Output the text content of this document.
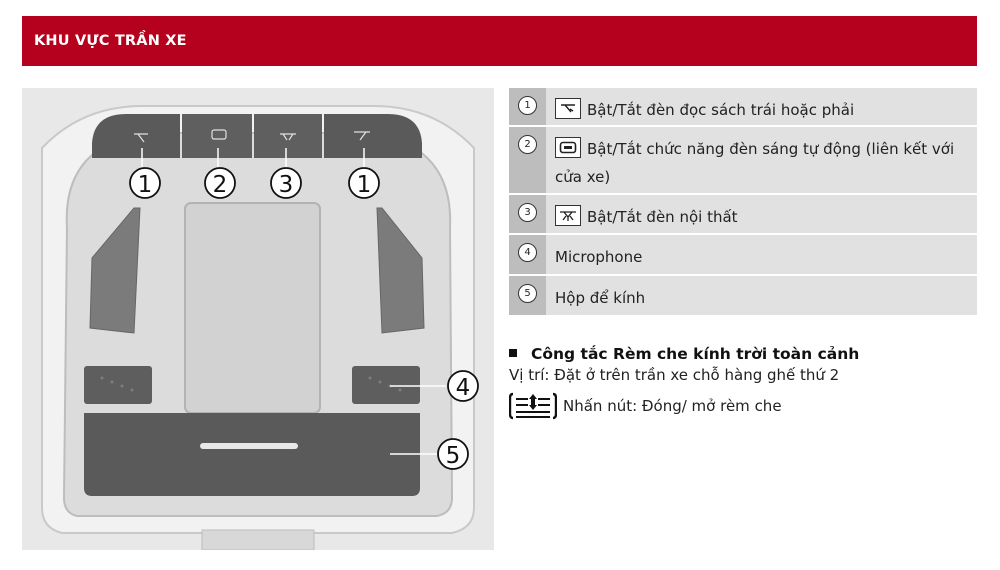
KHU VỰC TRẦN XE
1	2 3	1
4
5
1	Bật/Tắt đèn đọc sách trái hoặc phải
2	Bật/Tắt chức năng đèn sáng tự động (liên kết với cửa xe)
3	Bật/Tắt đèn nội thất
4	Microphone
5	Hộp để kính
Công tắc Rèm che kính trời toàn cảnh
Vị trí: Đặt ở trên trần xe chỗ hàng ghế thứ 2
Nhấn nút: Đóng/ mở rèm che
